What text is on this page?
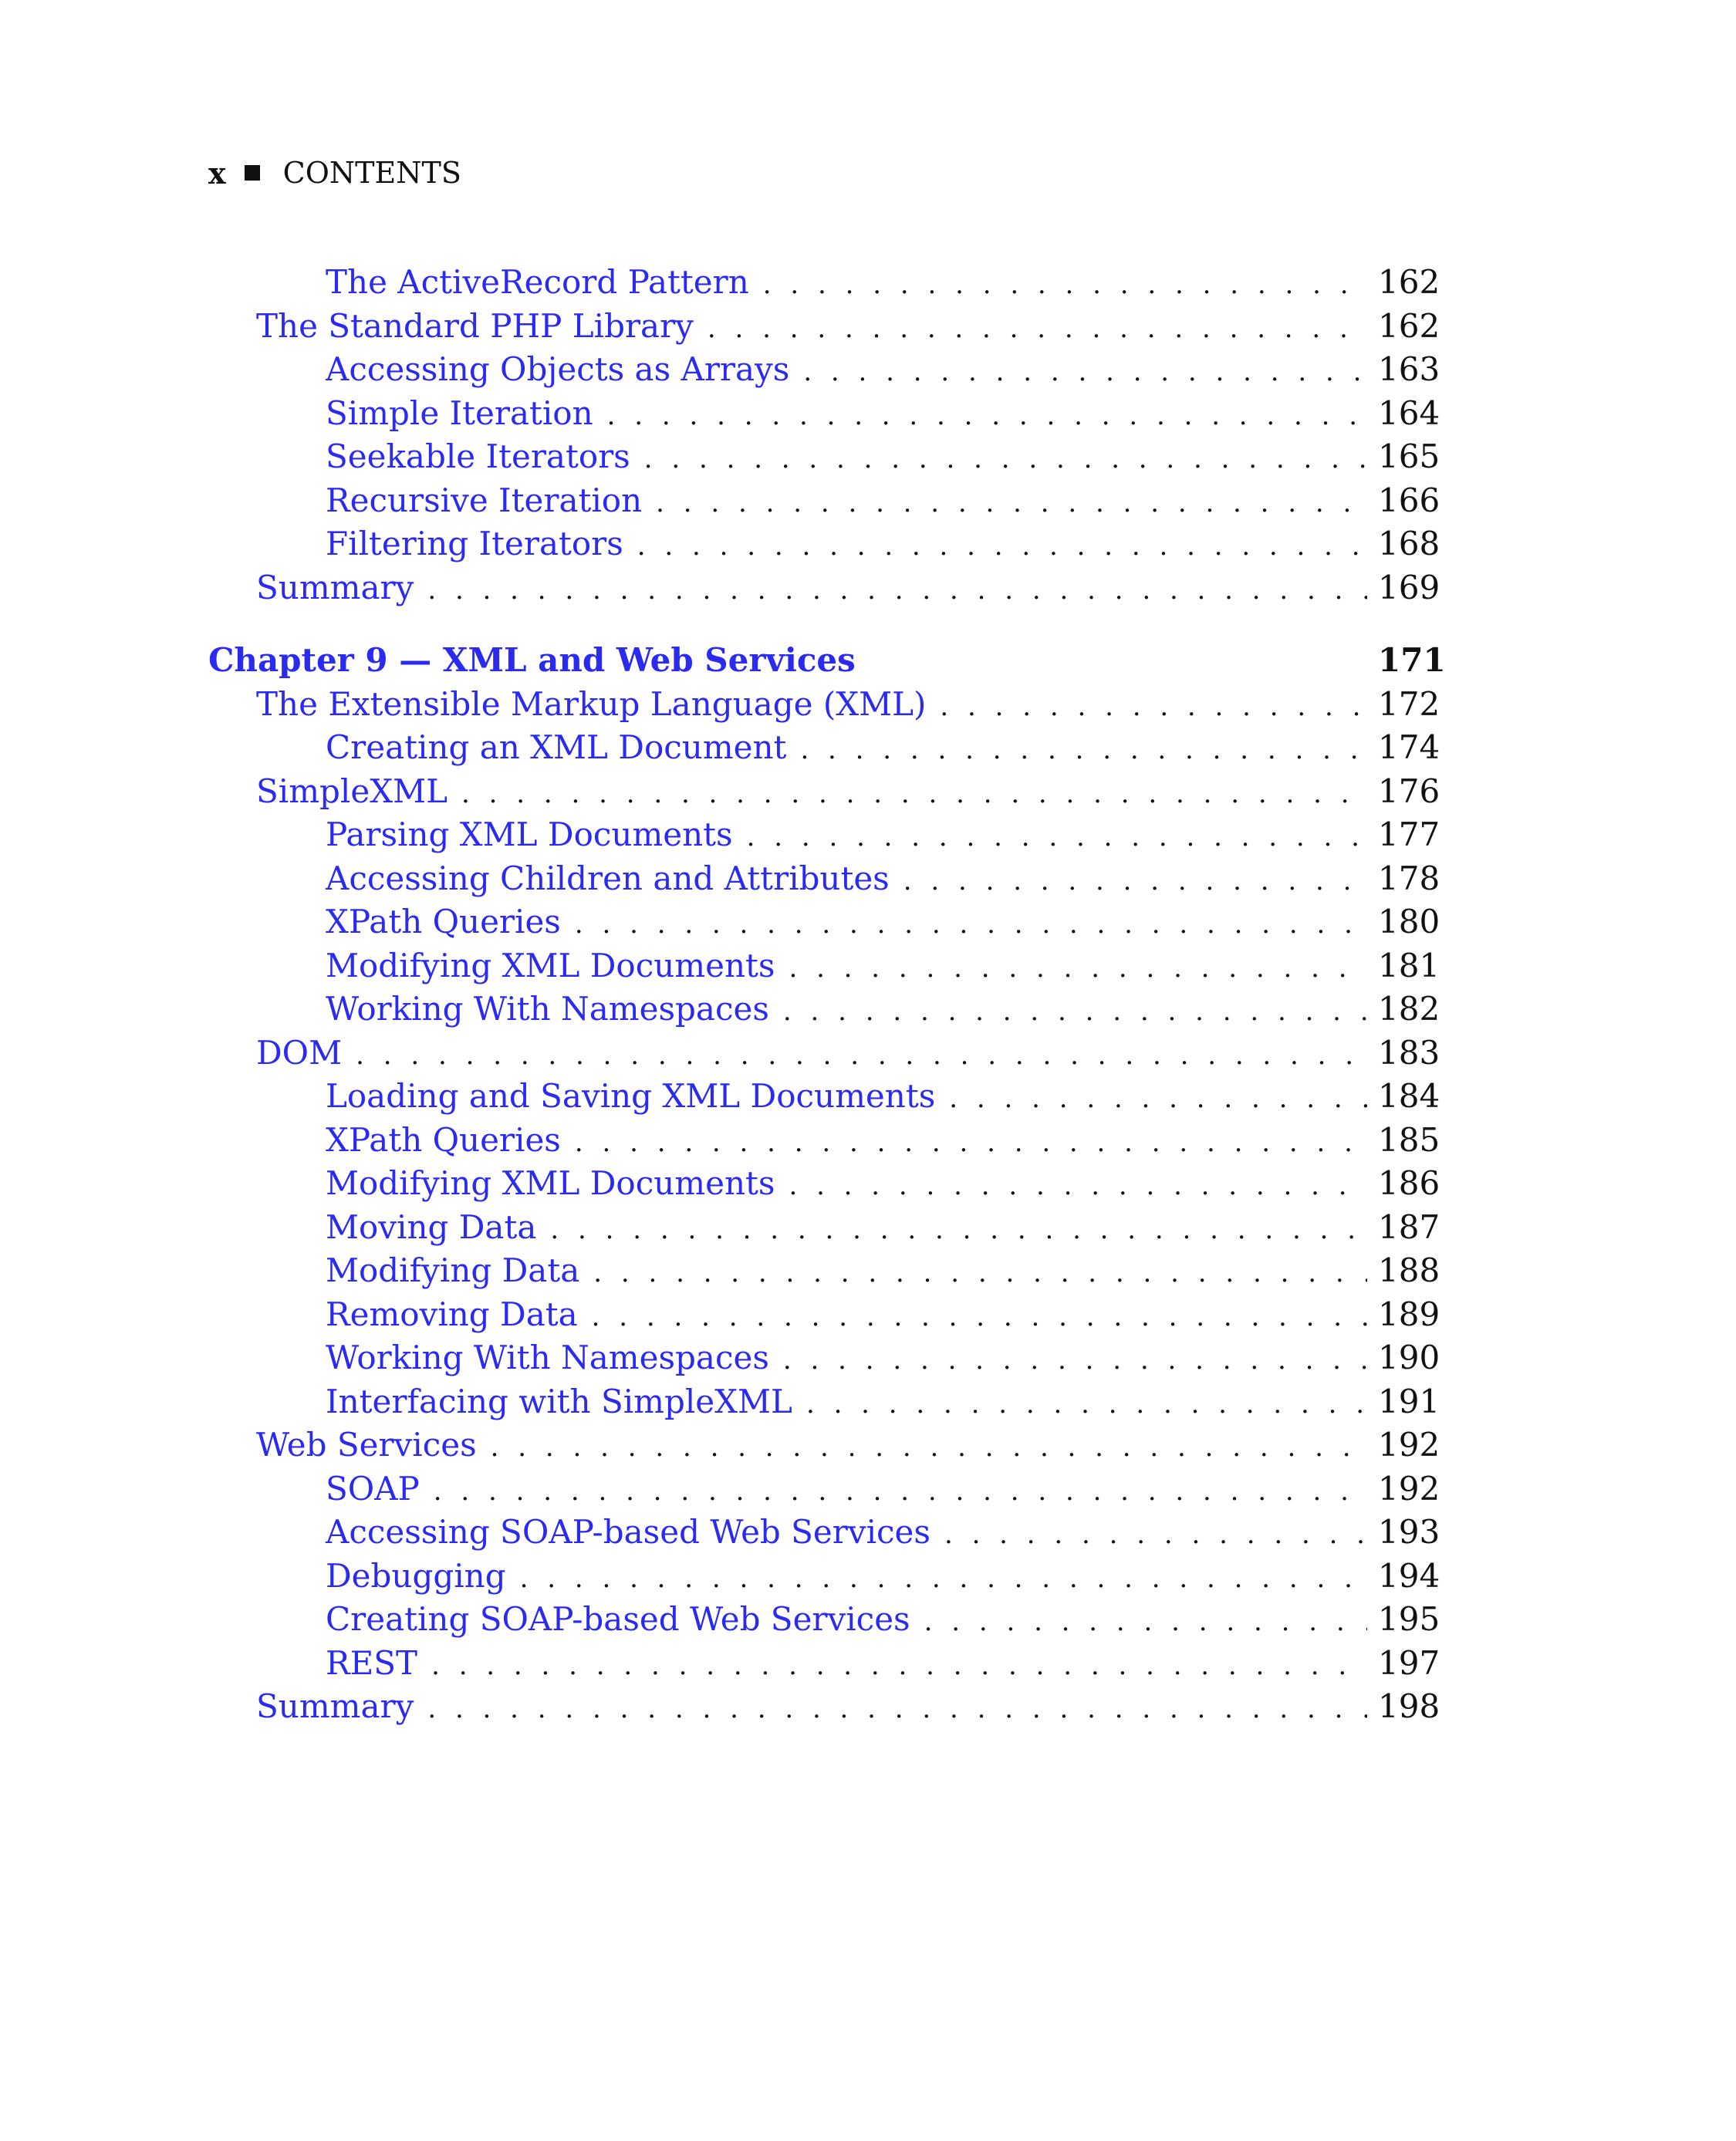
x CONTENTS
The ActiveRecord Pattern . . .	162
The Standard PHP Library . . .	162
Accessing Objects as Arrays . . .	163
Simple Iteration . . .	164
Seekable Iterators . . .	165
Recursive Iteration . . .	166
Filtering Iterators . . .	168
Summary . . .	169
Chapter 9 — XML and Web Services	171
The Extensible Markup Language (XML) . . .	172
Creating an XML Document . . .	174
SimpleXML . . .	176
Parsing XML Documents . . .	177
Accessing Children and Attributes . . .	178
XPath Queries . . .	180
Modifying XML Documents . . .	181
Working With Namespaces . . .	182
DOM . . .	183
Loading and Saving XML Documents . . .	184
XPath Queries . . .	185
Modifying XML Documents . . .	186
Moving Data . . .	187
Modifying Data . . .	188
Removing Data . . .	189
Working With Namespaces . . .	190
Interfacing with SimpleXML . . .	191
Web Services . . .	192
SOAP . . .	192
Accessing SOAP-based Web Services . . .	193
Debugging . . .	194
Creating SOAP-based Web Services . . .	195
REST . . .	197
Summary . . .	198
